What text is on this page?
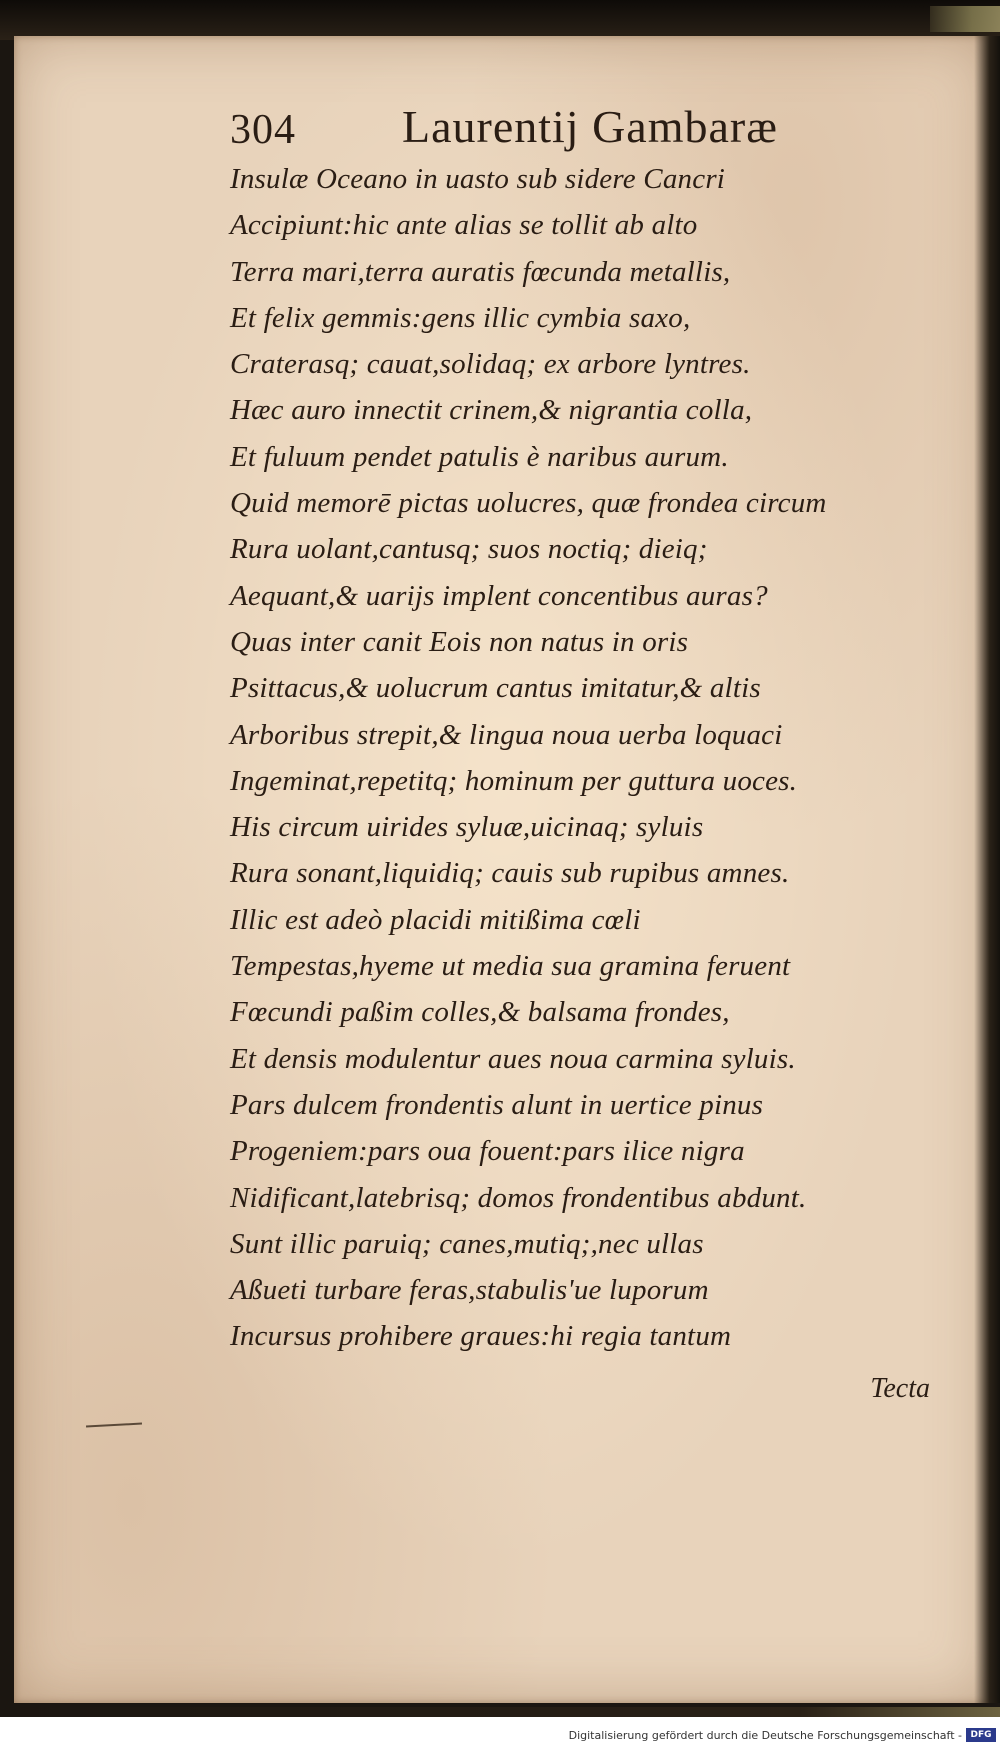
304 Laurentij Gambaræ
Insulæ Oceano in uasto sub sidere Cancri
Accipiunt:hic ante alias se tollit ab alto
Terra mari,terra auratis fœcunda metallis,
Et felix gemmis:gens illic cymbia saxo,
Craterasq; cauat,solidaq; ex arbore lyntres.
Hæc auro innectit crinem,& nigrantia colla,
Et fuluum pendet patulis è naribus aurum.
Quid memorē pictas uolucres, quæ frondea circum
Rura uolant,cantusq; suos noctiq; dieiq;
Aequant,& uarijs implent concentibus auras?
Quas inter canit Eois non natus in oris
Psittacus,& uolucrum cantus imitatur,& altis
Arboribus strepit,& lingua noua uerba loquaci
Ingeminat,repetitq; hominum per guttura uoces.
His circum uirides syluæ,uicinaq; syluis
Rura sonant,liquidiq; cauis sub rupibus amnes.
Illic est adeò placidi mitißima cœli
Tempestas,hyeme ut media sua gramina feruent
Fœcundi paßim colles,& balsama frondes,
Et densis modulentur aues noua carmina syluis.
Pars dulcem frondentis alunt in uertice pinus
Progeniem:pars oua fouent:pars ilice nigra
Nidificant,latebrisq; domos frondentibus abdunt.
Sunt illic paruiq; canes,mutiq;,nec ullas
Aßueti turbare feras,stabulis'ue luporum
Incursus prohibere graues:hi regia tantum
Tecta
Digitalisierung gefördert durch die Deutsche Forschungsgemeinschaft - DFG
